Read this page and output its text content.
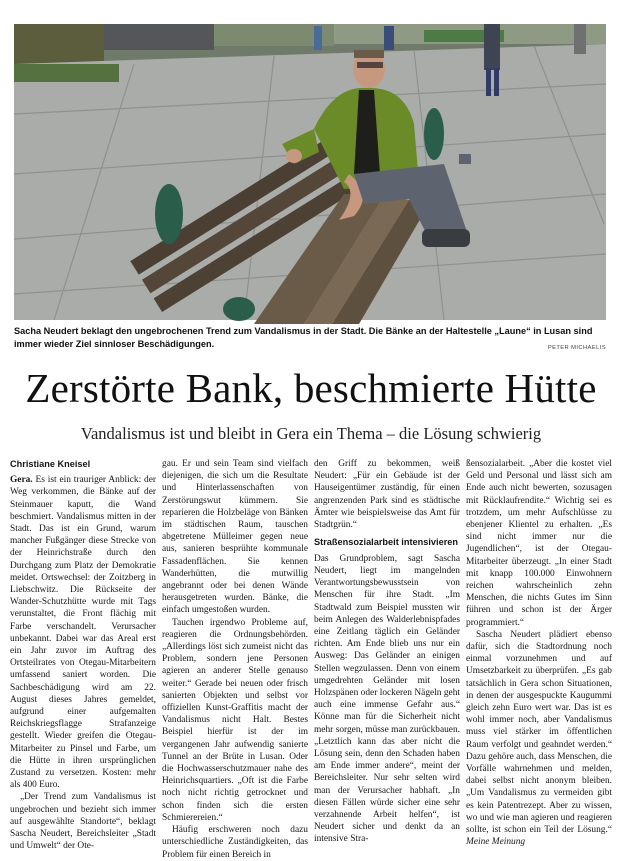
Sacha Neudert beklagt den ungebrochenen Trend zum Vandalismus in der Stadt. Die Bänke an der Haltestelle „Laune“ in Lusan sind immer wieder Ziel sinnloser Beschädigungen.	PETER MICHAELIS
Zerstörte Bank, beschmierte Hütte
Vandalismus ist und bleibt in Gera ein Thema – die Lösung schwierig
Christiane Kneisel

Gera. Es ist ein trauriger Anblick: der Weg verkommen, die Bänke auf der Steinmauer kaputt, die Wand beschmiert. Vandalismus mitten in der Stadt. Das ist ein Grund, warum mancher Fußgänger diese Strecke von der Heinrichstraße durch den Durchgang zum Platz der Demokratie meidet. Ortswechsel: der Zoitzberg in Liebschwitz. Die Rückseite der Wander-Schutzhütte wurde mit Tags verunstaltet, die Front flächig mit Farbe verschandelt. Verursacher unbekannt. Dabei war das Areal erst ein Jahr zuvor im Auftrag des Ortsteilrates von Otegau-Mitarbeitern umfassend saniert worden. Die Sachbeschädigung wird am 22. August dieses Jahres gemeldet, aufgrund einer aufgemalten Reichskriegsflagge Strafanzeige gestellt. Wieder greifen die Otegau-Mitarbeiter zu Pinsel und Farbe, um die Hütte in ihren ursprünglichen Zustand zu versetzen. Kosten: mehr als 400 Euro.

„Der Trend zum Vandalismus ist ungebrochen und bezieht sich immer auf ausgewählte Standorte“, beklagt Sascha Neudert, Bereichsleiter „Stadt und Umwelt“ der Ote-

gau. Er und sein Team sind vielfach diejenigen, die sich um die Resultate und Hinterlassenschaften von Zerstörungswut kümmern. Sie reparieren die Holzbeläge von Bänken im städtischen Raum, tauschen abgetretene Mülleimer gegen neue aus, sanieren besprühte kommunale Fassadenflächen. Sie kennen Wanderhütten, die mutwillig angebrannt oder bei denen Wände herausgetreten wurden. Bänke, die einfach umgestoßen wurden.

Tauchen irgendwo Probleme auf, reagieren die Ordnungsbehörden. „Allerdings löst sich zumeist nicht das Problem, sondern jene Personen agieren an anderer Stelle genauso weiter.“ Gerade bei neuen oder frisch sanierten Objekten und selbst vor offiziellen Kunst-Graffitis macht der Vandalismus nicht Halt. Bestes Beispiel hierfür ist der im vergangenen Jahr aufwendig sanierte Tunnel an der Brüte in Lusan. Oder die Hochwasserschutzmauer nahe des Heinrichsquartiers. „Oft ist die Farbe noch nicht richtig getrocknet und schon finden sich die ersten Schmierereien.“

Häufig erschweren noch dazu unterschiedliche Zuständigkeiten, das Problem für einen Bereich in

den Griff zu bekommen, weiß Neudert: „Für ein Gebäude ist der Hauseigentümer zuständig, für einen angrenzenden Park sind es städtische Ämter wie beispielsweise das Amt für Stadtgrün.“

Straßensozialarbeit intensivieren

Das Grundproblem, sagt Sascha Neudert, liegt im mangelnden Verantwortungsbewusstsein von Menschen für ihre Stadt. „Im Stadtwald zum Beispiel mussten wir beim Anlegen des Walderlebnispfades eine Zeitlang täglich ein Geländer richten. Am Ende blieb uns nur ein Ausweg: Das Geländer an einigen Stellen wegzulassen. Denn von einem umgedrehten Geländer mit losen Holzspänen oder lockeren Nägeln geht auch eine immense Gefahr aus.“ Könne man für die Sicherheit nicht mehr sorgen, müsse man zurückbauen. „Letztlich kann das aber nicht die Lösung sein, denn den Schaden haben am Ende immer andere“, meint der Bereichsleiter. Nur sehr selten wird man der Verursacher habhaft. „In diesen Fällen würde sicher eine sehr verzahnende Arbeit helfen“, ist Neudert sicher und denkt da an intensive Stra-

ßensozialarbeit. „Aber die kostet viel Geld und Personal und lässt sich am Ende auch nicht bewerten, sozusagen mit Rücklaufrendite.“ Wichtig sei es trotzdem, um mehr Aufschlüsse zu ebenjener Klientel zu erhalten. „Es sind nicht immer nur die Jugendlichen“, ist der Otegau-Mitarbeiter überzeugt. „In einer Stadt mit knapp 100.000 Einwohnern reichen wahrscheinlich zehn Menschen, die nichts Gutes im Sinn führen und schon ist der Ärger programmiert.“

Sascha Neudert plädiert ebenso dafür, sich die Stadtordnung noch einmal vorzunehmen und auf Umsetzbarkeit zu überprüfen. „Es gab tatsächlich in Gera schon Situationen, in denen der ausgespuckte Kaugummi gleich zehn Euro wert war. Das ist es wohl immer noch, aber Vandalismus muss viel stärker im öffentlichen Raum verfolgt und geahndet werden.“ Dazu gehöre auch, dass Menschen, die Vorfälle wahrnehmen und melden, dabei selbst nicht anonym bleiben. „Um Vandalismus zu vermeiden gibt es kein Patentrezept. Aber zu wissen, wo und wie man agieren und reagieren sollte, ist schon ein Teil der Lösung.“ Meine Meinung
